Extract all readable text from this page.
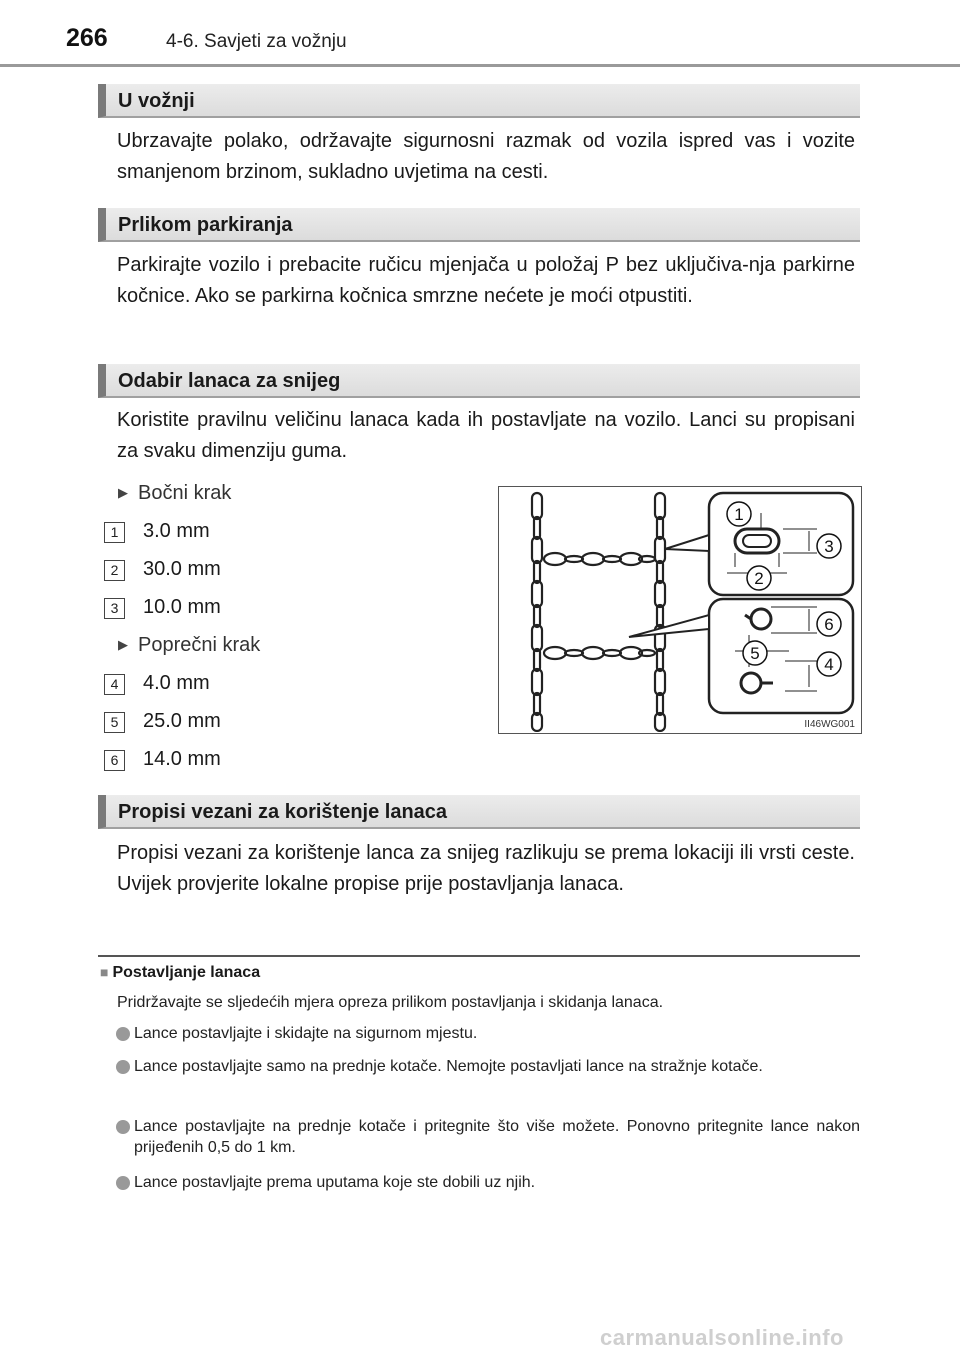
266	4-6. Savjeti za vožnju
U vožnji
Ubrzavajte polako, održavajte sigurnosni razmak od vozila ispred vas i vozite smanjenom brzinom, sukladno uvjetima na cesti.
Prlikom parkiranja
Parkirajte vozilo i prebacite ručicu mjenjača u položaj P bez uključiva-nja parkirne kočnice. Ako se parkirna kočnica smrzne nećete je moći otpustiti.
Odabir lanaca za snijeg
Koristite pravilnu veličinu lanaca kada ih postavljate na vozilo. Lanci su propisani za svaku dimenziju guma.
▶ Bočni krak
1	3.0 mm
2	30.0 mm
3	10.0 mm
▶ Poprečni krak
4	4.0 mm
5	25.0 mm
6	14.0 mm
1
2
3
4
5
6
II46WG001
Propisi vezani za korištenje lanaca
Propisi vezani za korištenje lanca za snijeg razlikuju se prema lokaciji ili vrsti ceste. Uvijek provjerite lokalne propise prije postavljanja lanaca.
■ Postavljanje lanaca
Pridržavajte se sljedećih mjera opreza prilikom postavljanja i skidanja lanaca.
Lance postavljajte i skidajte na sigurnom mjestu.
Lance postavljajte samo na prednje kotače. Nemojte postavljati lance na stražnje kotače.
Lance postavljajte na prednje kotače i pritegnite što više možete. Ponovno pritegnite lance nakon prijeđenih 0,5 do 1 km.
Lance postavljajte prema uputama koje ste dobili uz njih.
carmanualsonline.info
